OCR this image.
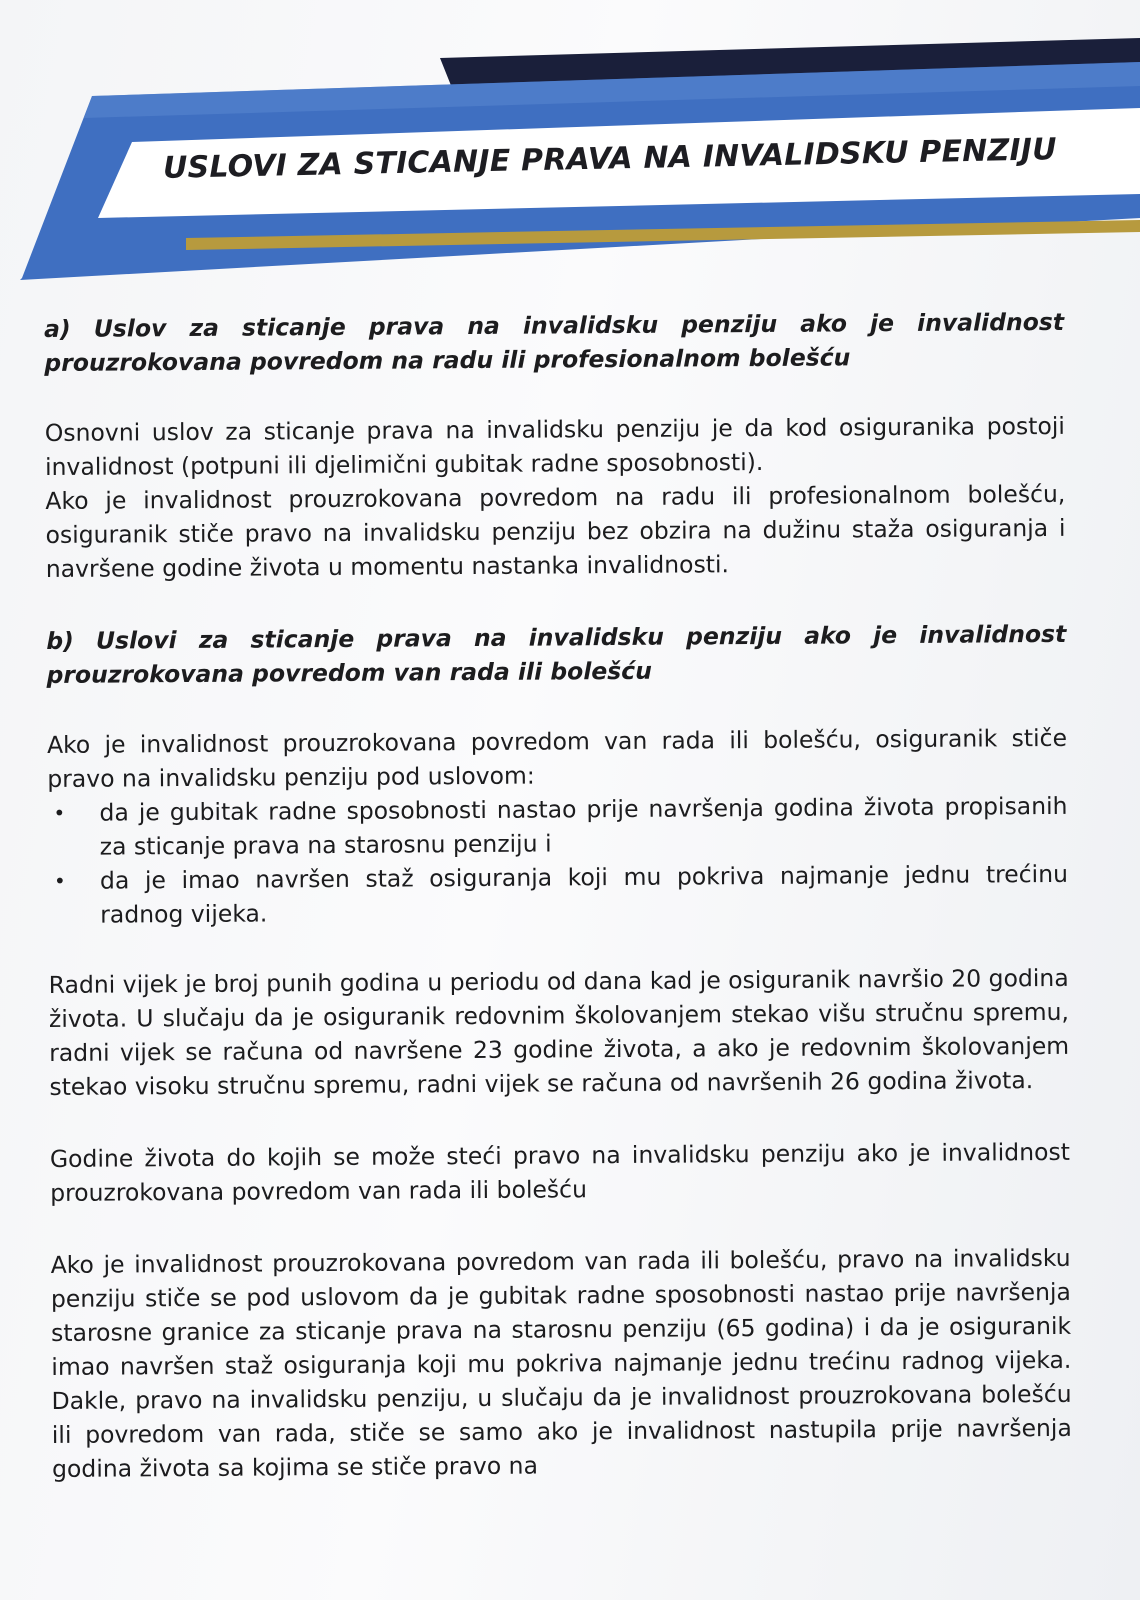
USLOVI ZA STICANJE PRAVA NA INVALIDSKU PENZIJU
a) Uslov za sticanje prava na invalidsku penziju ako je invalidnost prouzrokovana povredom na radu ili profesionalnom bolešću
Osnovni uslov za sticanje prava na invalidsku penziju je da kod osiguranika postoji invalidnost (potpuni ili djelimični gubitak radne sposobnosti).
Ako je invalidnost prouzrokovana povredom na radu ili profesionalnom bolešću, osiguranik stiče pravo na invalidsku penziju bez obzira na dužinu staža osiguranja i navršene godine života u momentu nastanka invalidnosti.
b) Uslovi za sticanje prava na invalidsku penziju ako je invalidnost prouzrokovana povredom van rada ili bolešću
Ako je invalidnost prouzrokovana povredom van rada ili bolešću, osiguranik stiče pravo na invalidsku penziju pod uslovom:
• da je gubitak radne sposobnosti nastao prije navršenja godina života propisanih za sticanje prava na starosnu penziju i
• da je imao navršen staž osiguranja koji mu pokriva najmanje jednu trećinu radnog vijeka.
Radni vijek je broj punih godina u periodu od dana kad je osiguranik navršio 20 godina života. U slučaju da je osiguranik redovnim školovanjem stekao višu stručnu spremu, radni vijek se računa od navršene 23 godine života, a ako je redovnim školovanjem stekao visoku stručnu spremu, radni vijek se računa od navršenih 26 godina života.
Godine života do kojih se može steći pravo na invalidsku penziju ako je invalidnost prouzrokovana povredom van rada ili bolešću
Ako je invalidnost prouzrokovana povredom van rada ili bolešću, pravo na invalidsku penziju stiče se pod uslovom da je gubitak radne sposobnosti nastao prije navršenja starosne granice za sticanje prava na starosnu penziju (65 godina) i da je osiguranik imao navršen staž osiguranja koji mu pokriva najmanje jednu trećinu radnog vijeka. Dakle, pravo na invalidsku penziju, u slučaju da je invalidnost prouzrokovana bolešću ili povredom van rada, stiče se samo ako je invalidnost nastupila prije navršenja godina života sa kojima se stiče pravo na
